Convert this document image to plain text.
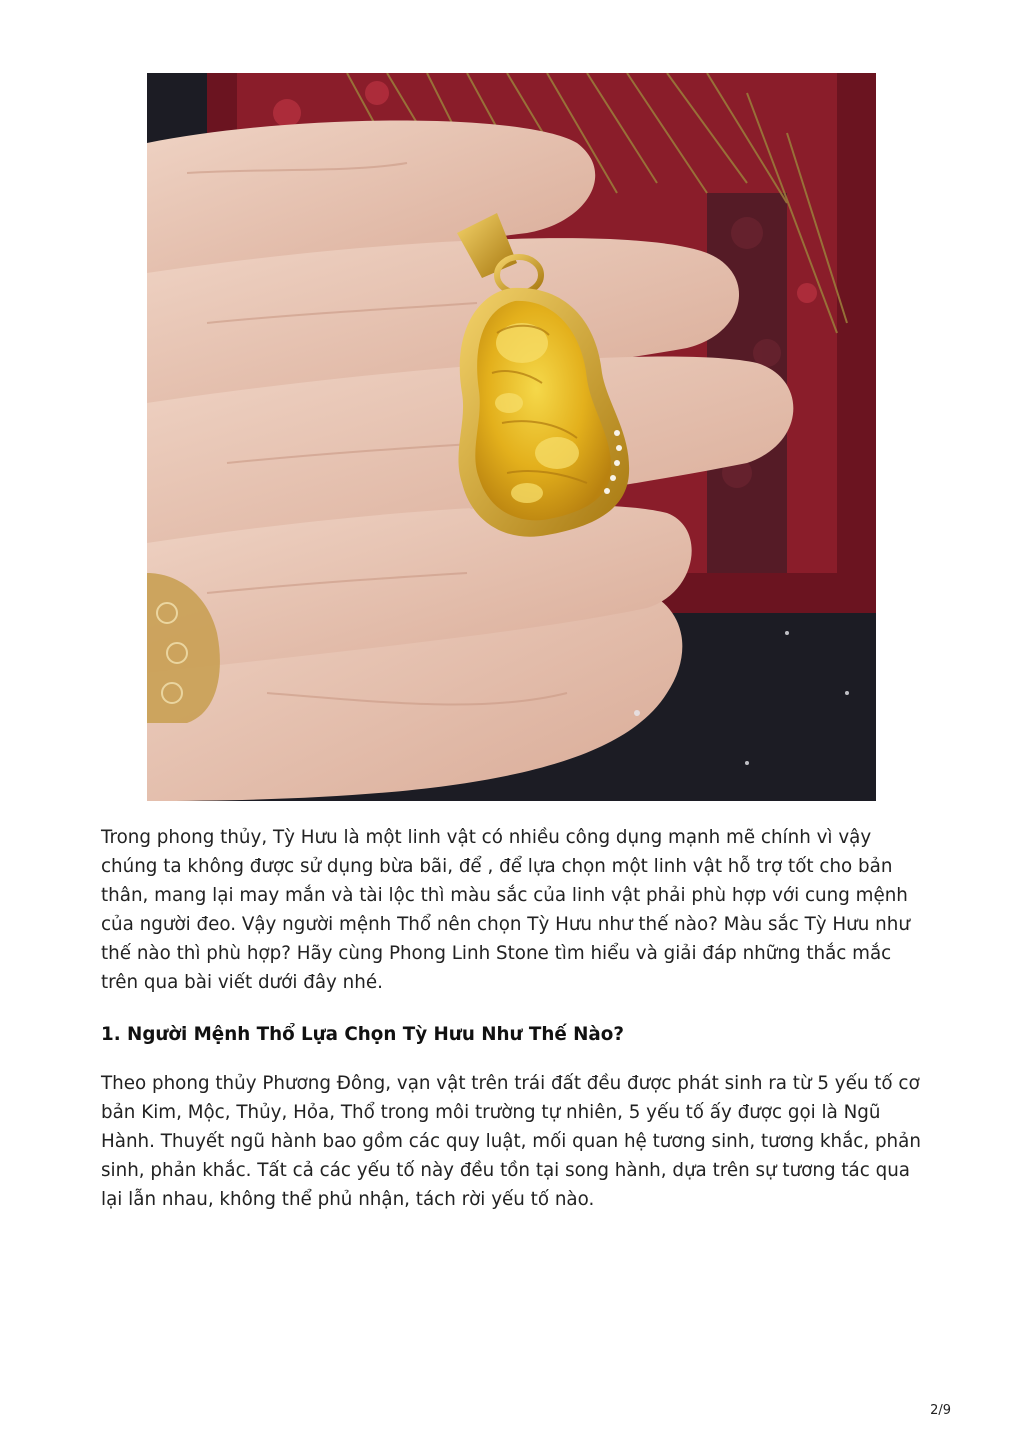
Trong phong thủy, Tỳ Hưu là một linh vật có nhiều công dụng mạnh mẽ chính vì vậy chúng ta không được sử dụng bừa bãi, để , để lựa chọn một linh vật hỗ trợ tốt cho bản thân, mang lại may mắn và tài lộc thì màu sắc của linh vật phải phù hợp với cung mệnh của người đeo. Vậy người mệnh Thổ nên chọn Tỳ Hưu như thế nào? Màu sắc Tỳ Hưu như thế nào thì phù hợp? Hãy cùng Phong Linh Stone tìm hiểu và giải đáp những thắc mắc trên qua bài viết dưới đây nhé.

1. Người Mệnh Thổ Lựa Chọn Tỳ Hưu Như Thế Nào?

Theo phong thủy Phương Đông, vạn vật trên trái đất đều được phát sinh ra từ 5 yếu tố cơ bản Kim, Mộc, Thủy, Hỏa, Thổ trong môi trường tự nhiên, 5 yếu tố ấy được gọi là Ngũ Hành. Thuyết ngũ hành bao gồm các quy luật, mối quan hệ tương sinh, tương khắc, phản sinh, phản khắc. Tất cả các yếu tố này đều tồn tại song hành, dựa trên sự tương tác qua lại lẫn nhau, không thể phủ nhận, tách rời yếu tố nào.

2/9
